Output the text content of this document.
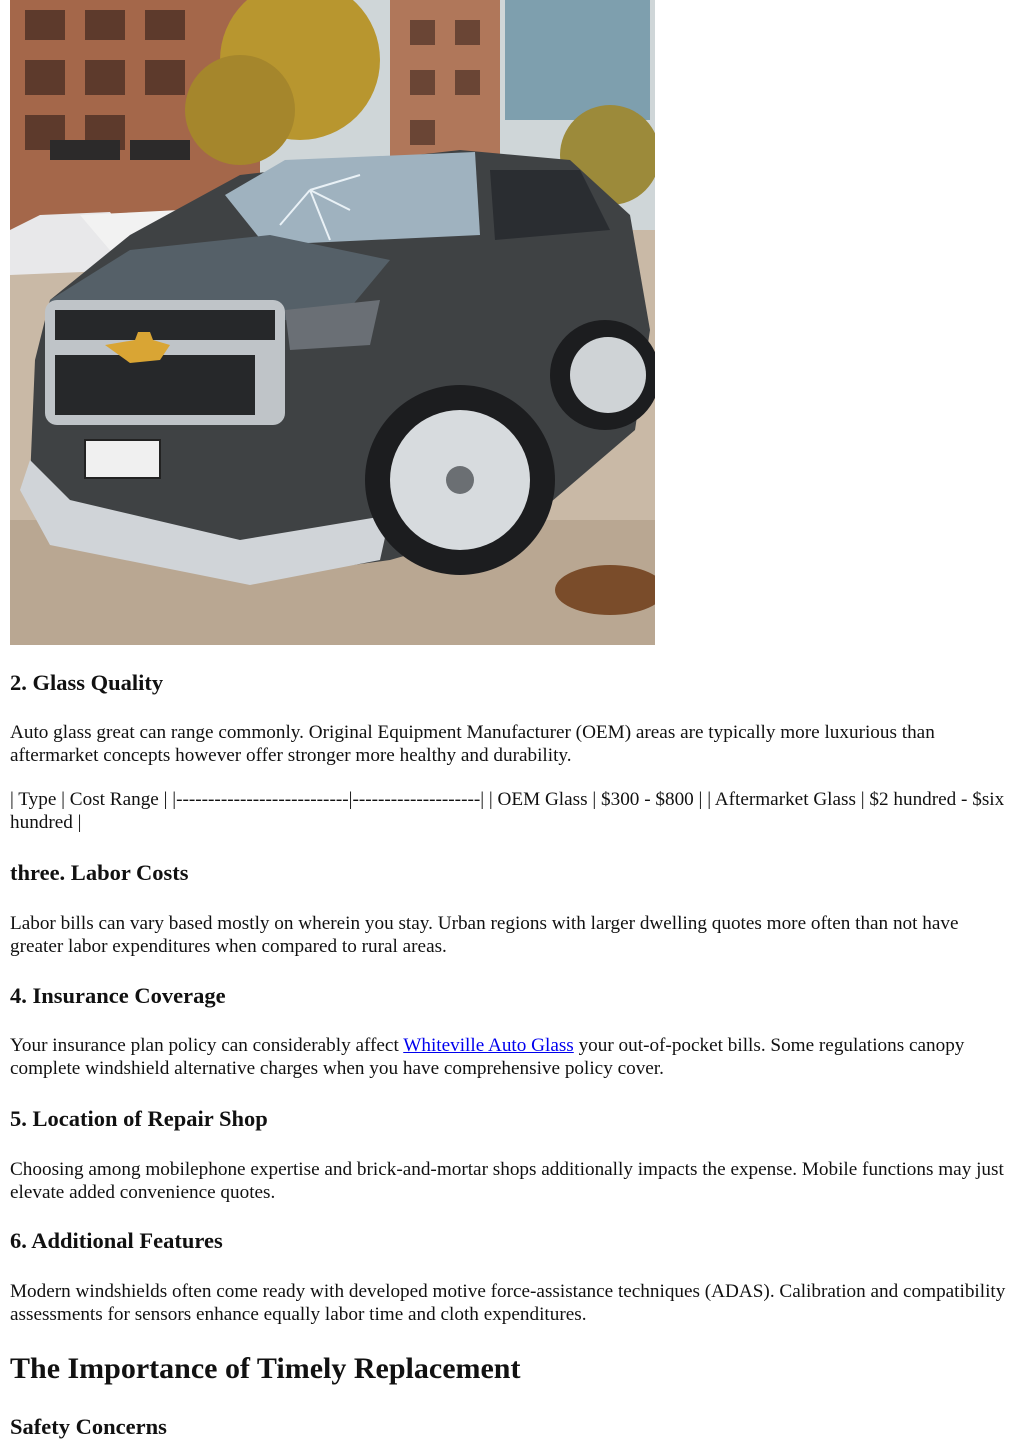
2. Glass Quality

Auto glass great can range commonly. Original Equipment Manufacturer (OEM) areas are typically more luxurious than aftermarket concepts however offer stronger more healthy and durability.

| Type | Cost Range | |---------------------------|--------------------| | OEM Glass | $300 - $800 | | Aftermarket Glass | $2 hundred - $six hundred |

three. Labor Costs

Labor bills can vary based mostly on wherein you stay. Urban regions with larger dwelling quotes more often than not have greater labor expenditures when compared to rural areas.

4. Insurance Coverage

Your insurance plan policy can considerably affect Whiteville Auto Glass your out-of-pocket bills. Some regulations canopy complete windshield alternative charges when you have comprehensive policy cover.

5. Location of Repair Shop

Choosing among mobilephone expertise and brick-and-mortar shops additionally impacts the expense. Mobile functions may just elevate added convenience quotes.

6. Additional Features

Modern windshields often come ready with developed motive force-assistance techniques (ADAS). Calibration and compatibility assessments for sensors enhance equally labor time and cloth expenditures.

The Importance of Timely Replacement
Safety Concerns
